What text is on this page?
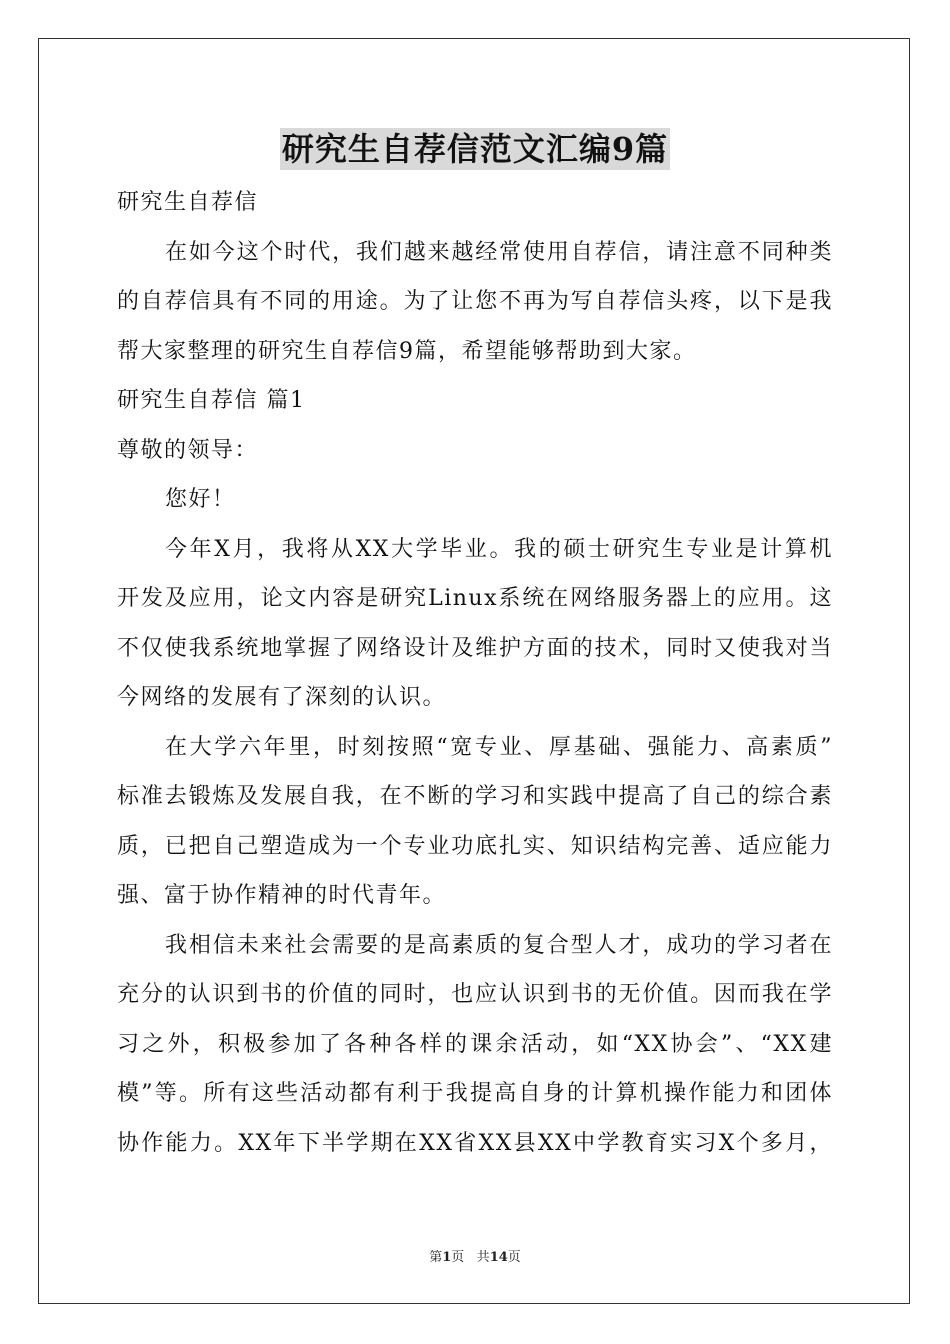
研究生自荐信范文汇编9篇
研究生自荐信
在如今这个时代，我们越来越经常使用自荐信，请注意不同种类
的自荐信具有不同的用途。为了让您不再为写自荐信头疼，以下是我
帮大家整理的研究生自荐信9篇，希望能够帮助到大家。
研究生自荐信 篇1
尊敬的领导：
您好！
今年X月，我将从XX大学毕业。我的硕士研究生专业是计算机
开发及应用，论文内容是研究Linux系统在网络服务器上的应用。这
不仅使我系统地掌握了网络设计及维护方面的技术，同时又使我对当
今网络的发展有了深刻的认识。
在大学六年里，时刻按照“宽专业、厚基础、强能力、高素质”
标准去锻炼及发展自我，在不断的学习和实践中提高了自己的综合素
质，已把自己塑造成为一个专业功底扎实、知识结构完善、适应能力
强、富于协作精神的时代青年。
我相信未来社会需要的是高素质的复合型人才，成功的学习者在
充分的认识到书的价值的同时，也应认识到书的无价值。因而我在学
习之外，积极参加了各种各样的课余活动，如“XX协会”、“XX建
模”等。所有这些活动都有利于我提高自身的计算机操作能力和团体
协作能力。XX年下半学期在XX省XX县XX中学教育实习X个多月，
第1页 共14页
